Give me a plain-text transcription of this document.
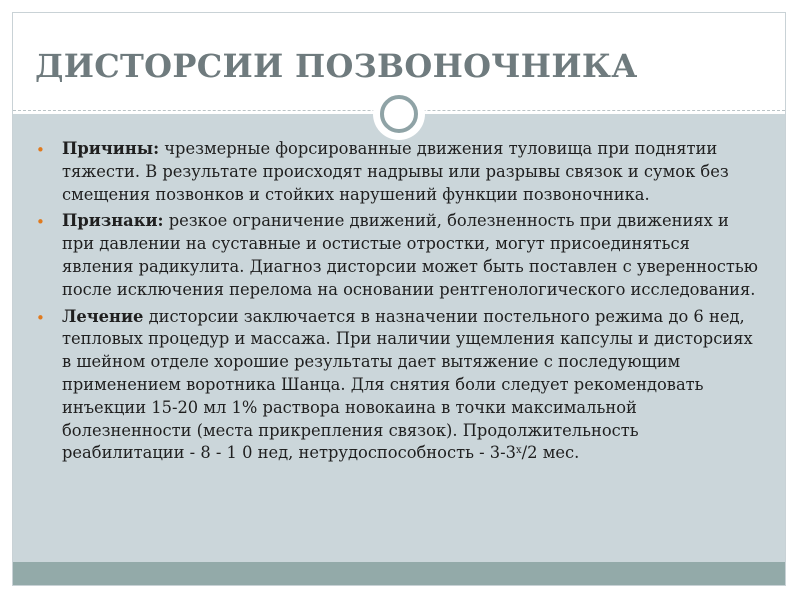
ДИСТОРСИИ ПОЗВОНОЧНИКА

• Причины: чрезмерные форсированные движения туловища при поднятии тяжести. В результате происходят надрывы или разрывы связок и сумок без смещения позвонков и стойких нарушений функции позвоночника.

• Признаки: резкое ограничение движений, болезненность при движениях и при давлении на суставные и остистые отростки, могут присоединяться явления радикулита. Диагноз дисторсии может быть поставлен с уверенностью после исключения перелома на основании рентгенологического исследования.

• Лечение дисторсии заключается в назначении постельного режима до 6 нед, тепловых процедур и массажа. При наличии ущемления капсулы и дисторсиях в шейном отделе хорошие результаты дает вытяжение с последующим применением воротника Шанца. Для снятия боли следует рекомендовать инъекции 15-20 мл 1% раствора новокаина в точки максимальной болезненности (места прикрепления связок). Продолжительность реабилитации - 8 - 1 0 нед, нетрудоспособность - 3-3$^x$/2 мес.
